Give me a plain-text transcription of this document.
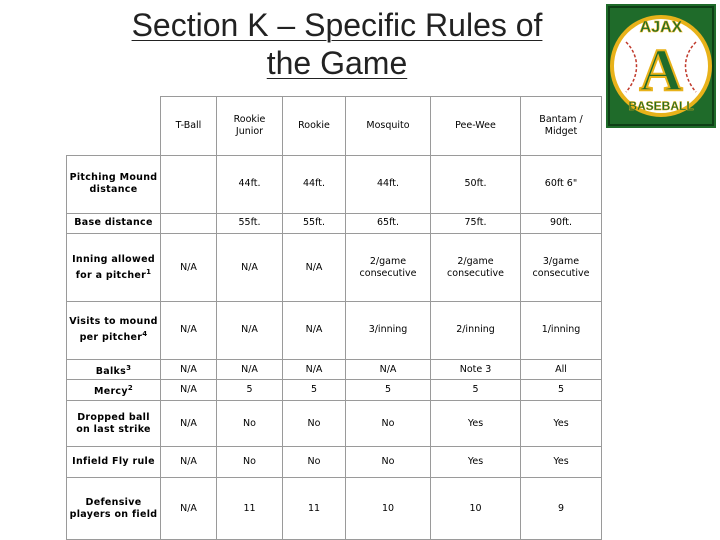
Section K – Specific Rules of the Game
AJAX
A
BASEBALL
	T-Ball	Rookie Junior	Rookie	Mosquito	Pee-Wee	Bantam / Midget
Pitching Mound distance		44ft.	44ft.	44ft.	50ft.	60ft 6"
Base distance		55ft.	55ft.	65ft.	75ft.	90ft.
Inning allowed for a pitcher$^1$	N/A	N/A	N/A	2/game consecutive	2/game consecutive	3/game consecutive
Visits to mound per pitcher$^4$	N/A	N/A	N/A	3/inning	2/inning	1/inning
Balks$^3$	N/A	N/A	N/A	N/A	Note 3	All
Mercy$^2$	N/A	5	5	5	5	5
Dropped ball on last strike	N/A	No	No	No	Yes	Yes
Infield Fly rule	N/A	No	No	No	Yes	Yes
Defensive players on field	N/A	11	11	10	10	9
